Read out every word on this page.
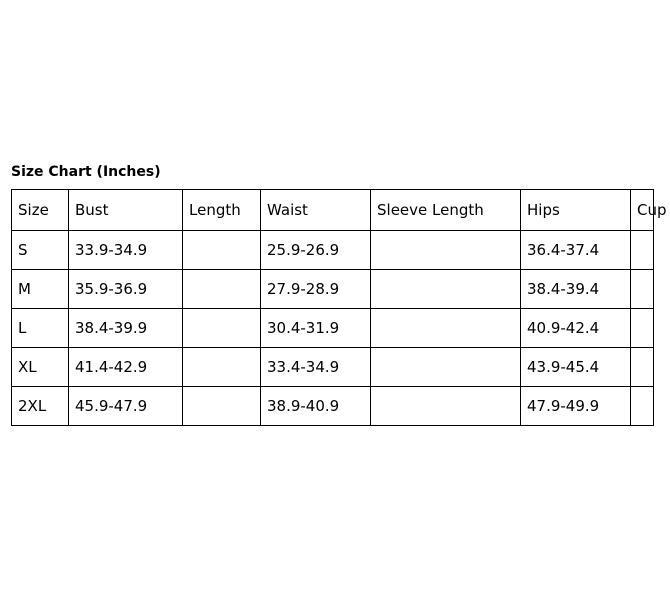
Size Chart (Inches)
Size	Bust	Length	Waist	Sleeve Length	Hips	Cup
S	33.9-34.9		25.9-26.9		36.4-37.4	
M	35.9-36.9		27.9-28.9		38.4-39.4	
L	38.4-39.9		30.4-31.9		40.9-42.4	
XL	41.4-42.9		33.4-34.9		43.9-45.4	
2XL	45.9-47.9		38.9-40.9		47.9-49.9	
